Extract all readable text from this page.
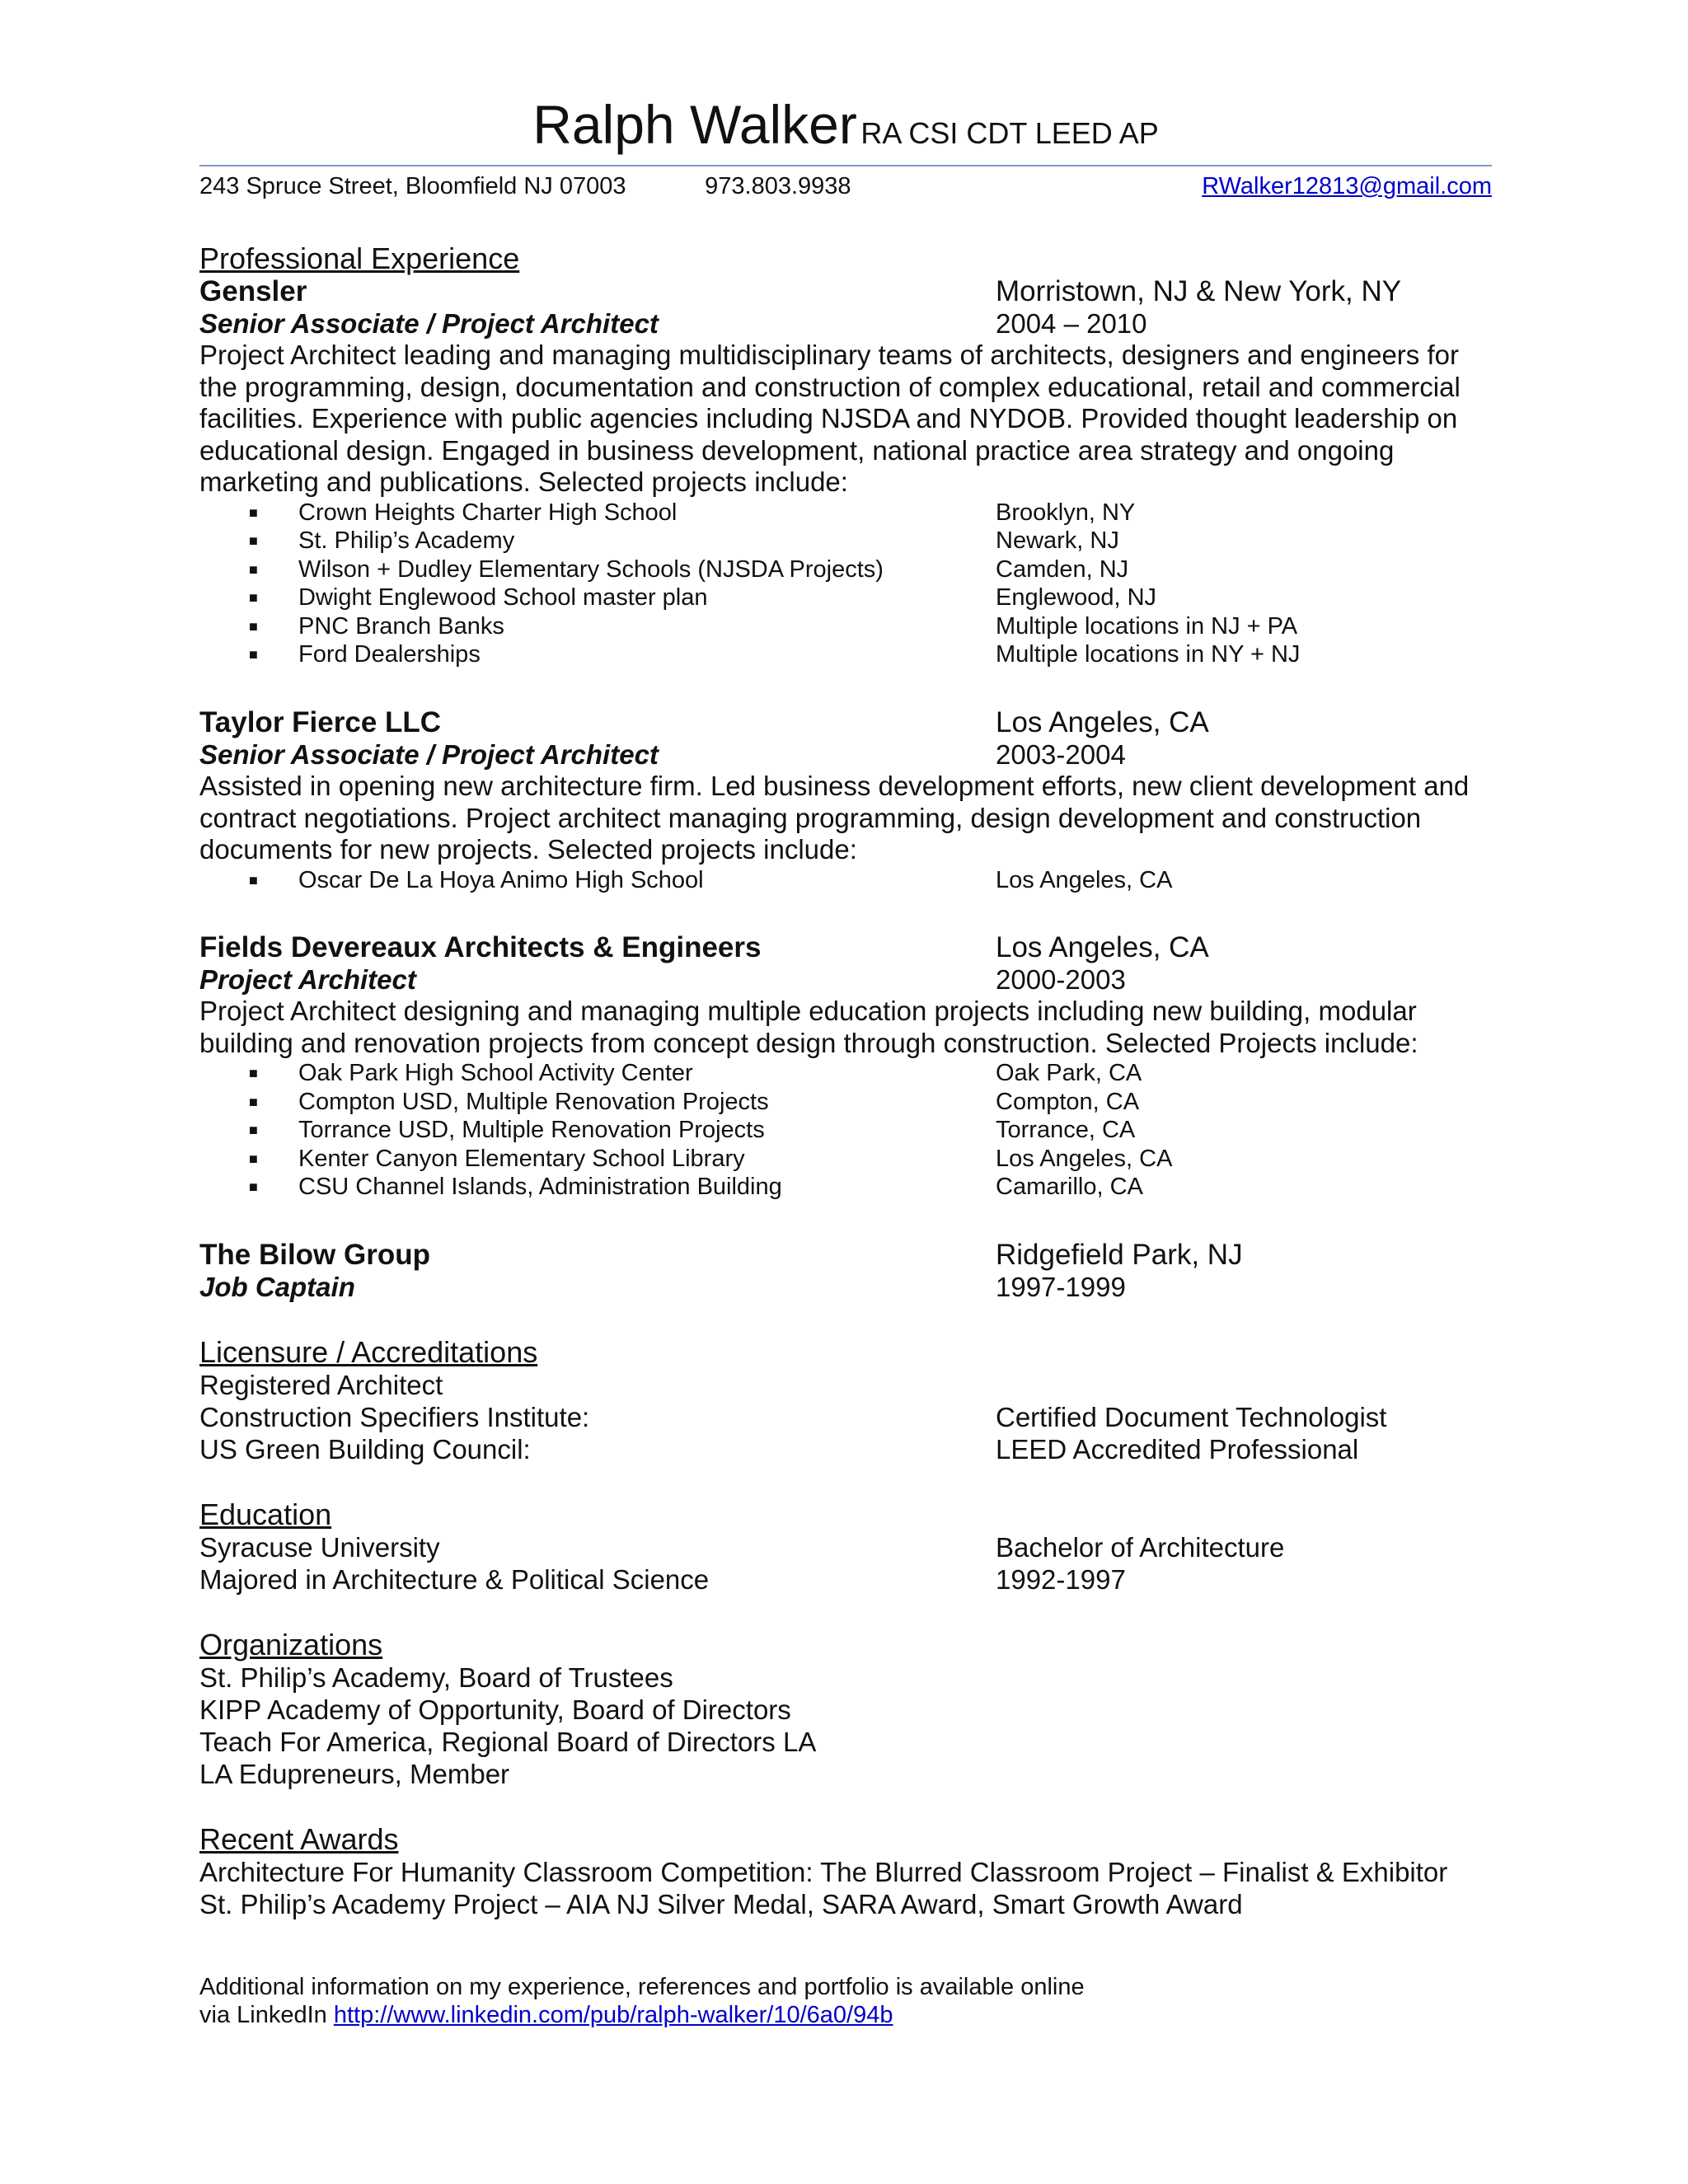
Ralph Walker RA CSI CDT LEED AP
243 Spruce Street, Bloomfield NJ 07003	973.803.9938	RWalker12813@gmail.com
Professional Experience
Gensler	Morristown, NJ & New York, NY
Senior Associate / Project Architect	2004 – 2010
Project Architect leading and managing multidisciplinary teams of architects, designers and engineers for
the programming, design, documentation and construction of complex educational, retail and commercial
facilities. Experience with public agencies including NJSDA and NYDOB. Provided thought leadership on
educational design. Engaged in business development, national practice area strategy and ongoing
marketing and publications. Selected projects include:
■	Crown Heights Charter High School	Brooklyn, NY
■	St. Philip’s Academy	Newark, NJ
■	Wilson + Dudley Elementary Schools (NJSDA Projects)	Camden, NJ
■	Dwight Englewood School master plan	Englewood, NJ
■	PNC Branch Banks	Multiple locations in NJ + PA
■	Ford Dealerships	Multiple locations in NY + NJ
Taylor Fierce LLC	Los Angeles, CA
Senior Associate / Project Architect	2003-2004
Assisted in opening new architecture firm. Led business development efforts, new client development and
contract negotiations. Project architect managing programming, design development and construction
documents for new projects. Selected projects include:
■	Oscar De La Hoya Animo High School	Los Angeles, CA
Fields Devereaux Architects & Engineers	Los Angeles, CA
Project Architect	2000-2003
Project Architect designing and managing multiple education projects including new building, modular
building and renovation projects from concept design through construction. Selected Projects include:
■	Oak Park High School Activity Center	Oak Park, CA
■	Compton USD, Multiple Renovation Projects	Compton, CA
■	Torrance USD, Multiple Renovation Projects	Torrance, CA
■	Kenter Canyon Elementary School Library	Los Angeles, CA
■	CSU Channel Islands, Administration Building	Camarillo, CA
The Bilow Group	Ridgefield Park, NJ
Job Captain	1997-1999
Licensure / Accreditations
Registered Architect
Construction Specifiers Institute:	Certified Document Technologist
US Green Building Council:	LEED Accredited Professional
Education
Syracuse University	Bachelor of Architecture
Majored in Architecture & Political Science	1992-1997
Organizations
St. Philip’s Academy, Board of Trustees
KIPP Academy of Opportunity, Board of Directors
Teach For America, Regional Board of Directors LA
LA Edupreneurs, Member
Recent Awards
Architecture For Humanity Classroom Competition: The Blurred Classroom Project – Finalist & Exhibitor
St. Philip’s Academy Project – AIA NJ Silver Medal, SARA Award, Smart Growth Award
Additional information on my experience, references and portfolio is available online
via LinkedIn http://www.linkedin.com/pub/ralph-walker/10/6a0/94b
